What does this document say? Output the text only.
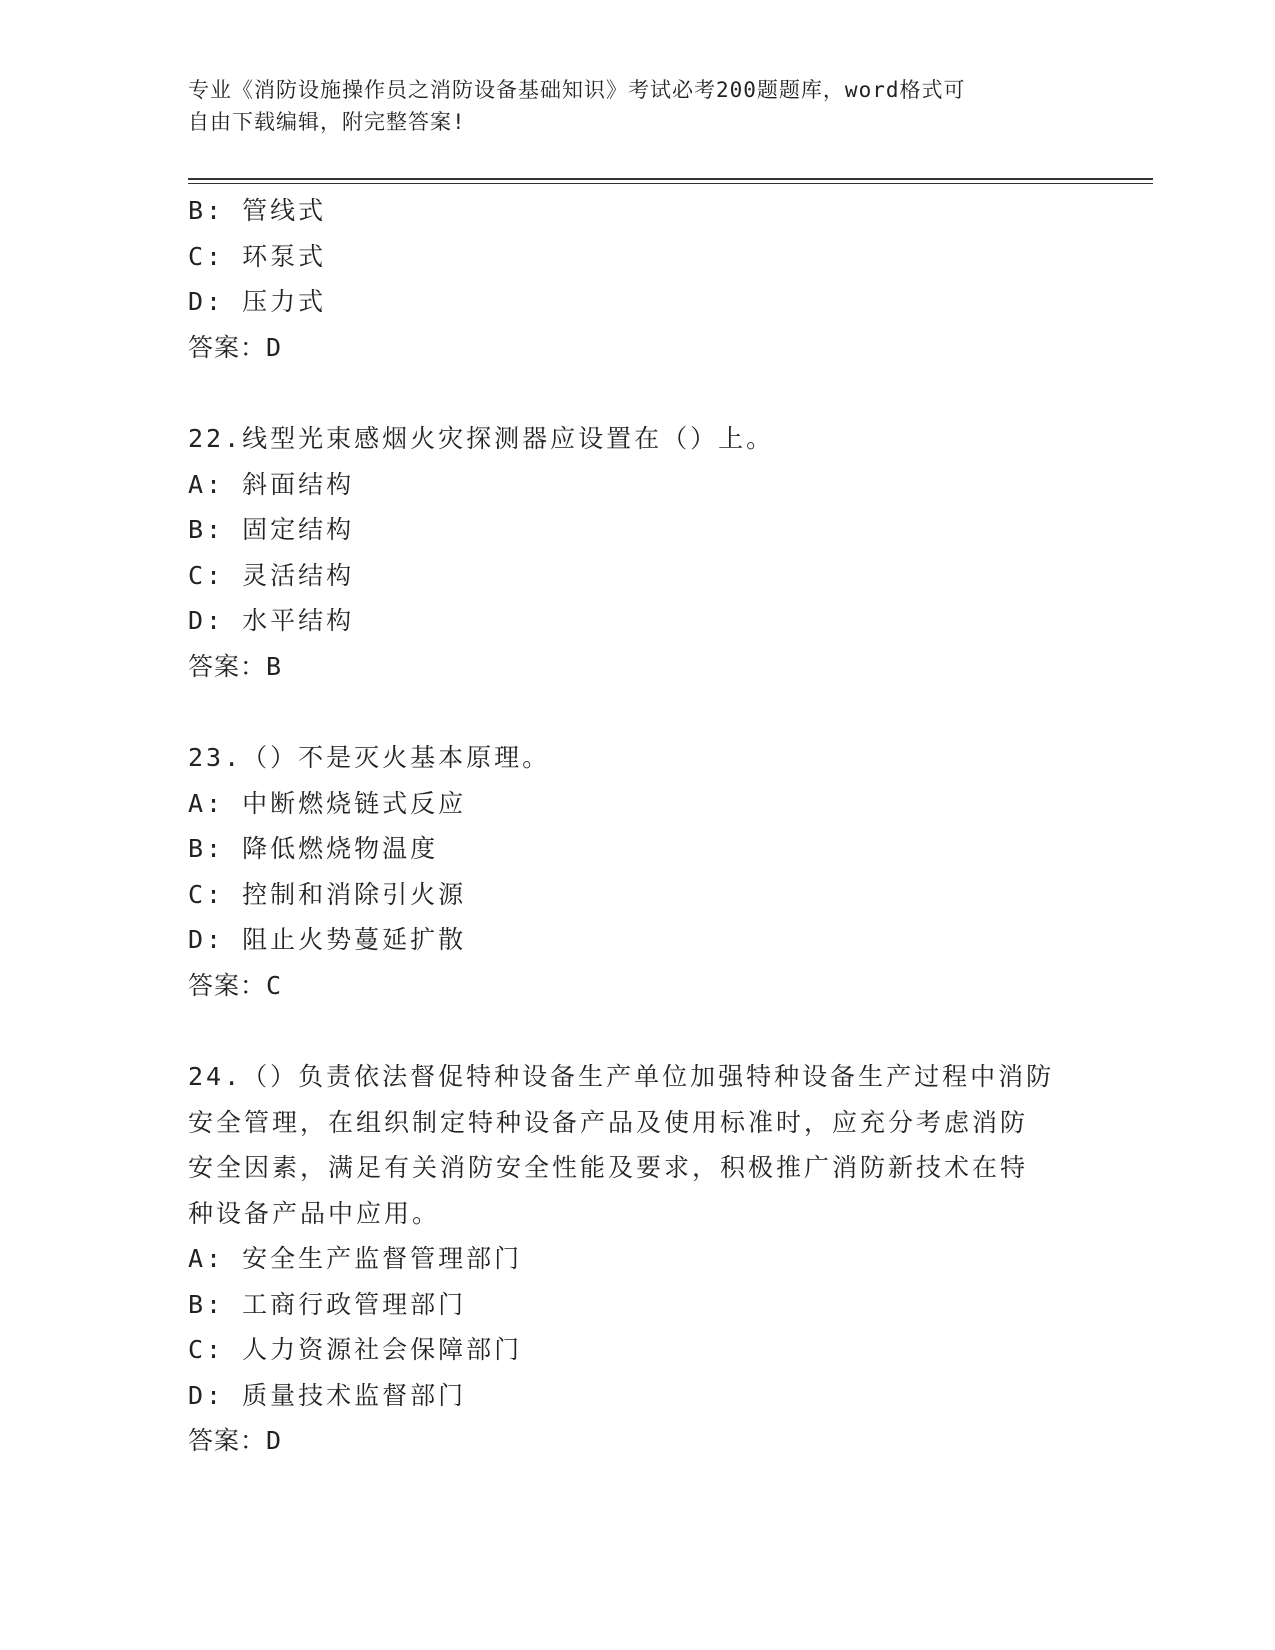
专业《消防设施操作员之消防设备基础知识》考试必考200题题库，word格式可
自由下载编辑，附完整答案!
B: 管线式
C: 环泵式
D: 压力式
答案：D
22.线型光束感烟火灾探测器应设置在（）上。
A: 斜面结构
B: 固定结构
C: 灵活结构
D: 水平结构
答案：B
23.（）不是灭火基本原理。
A: 中断燃烧链式反应
B: 降低燃烧物温度
C: 控制和消除引火源
D: 阻止火势蔓延扩散
答案：C
24.（）负责依法督促特种设备生产单位加强特种设备生产过程中消防
安全管理，在组织制定特种设备产品及使用标准时，应充分考虑消防
安全因素，满足有关消防安全性能及要求，积极推广消防新技术在特
种设备产品中应用。
A: 安全生产监督管理部门
B: 工商行政管理部门
C: 人力资源社会保障部门
D: 质量技术监督部门
答案：D
